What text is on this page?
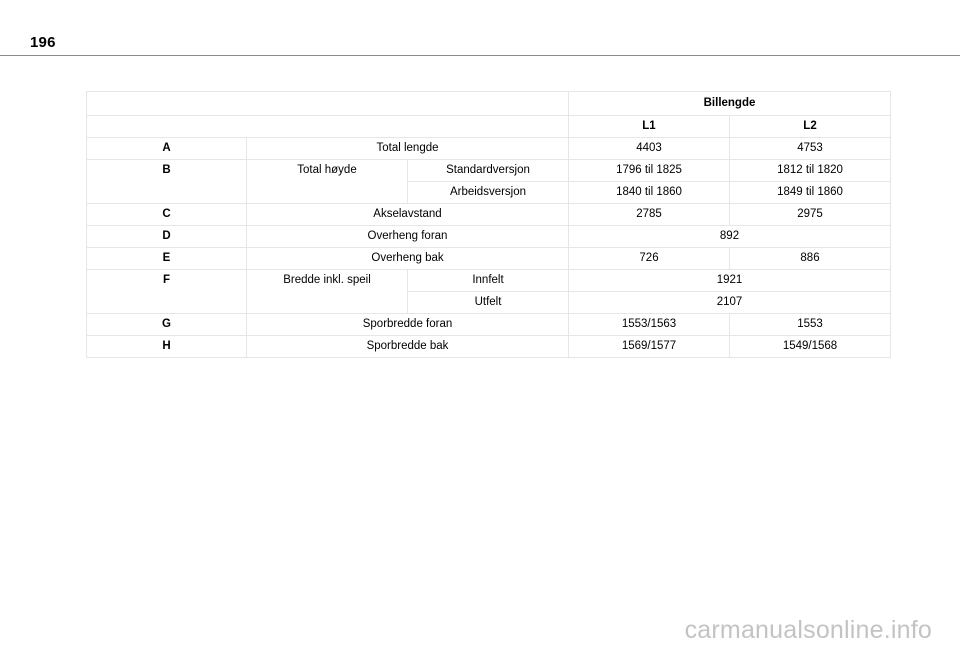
196
			Billengde	
			L1	L2
A	Total lengde		4403	4753
B	Total høyde	Standardversjon	1796 til 1825	1812 til 1820
		Arbeidsversjon	1840 til 1860	1849 til 1860
C	Akselavstand		2785	2975
D	Overheng foran		892	
E	Overheng bak		726	886
F	Bredde inkl. speil	Innfelt	1921	
		Utfelt	2107	
G	Sporbredde foran		1553/1563	1553
H	Sporbredde bak		1569/1577	1549/1568
carmanualsonline.info
